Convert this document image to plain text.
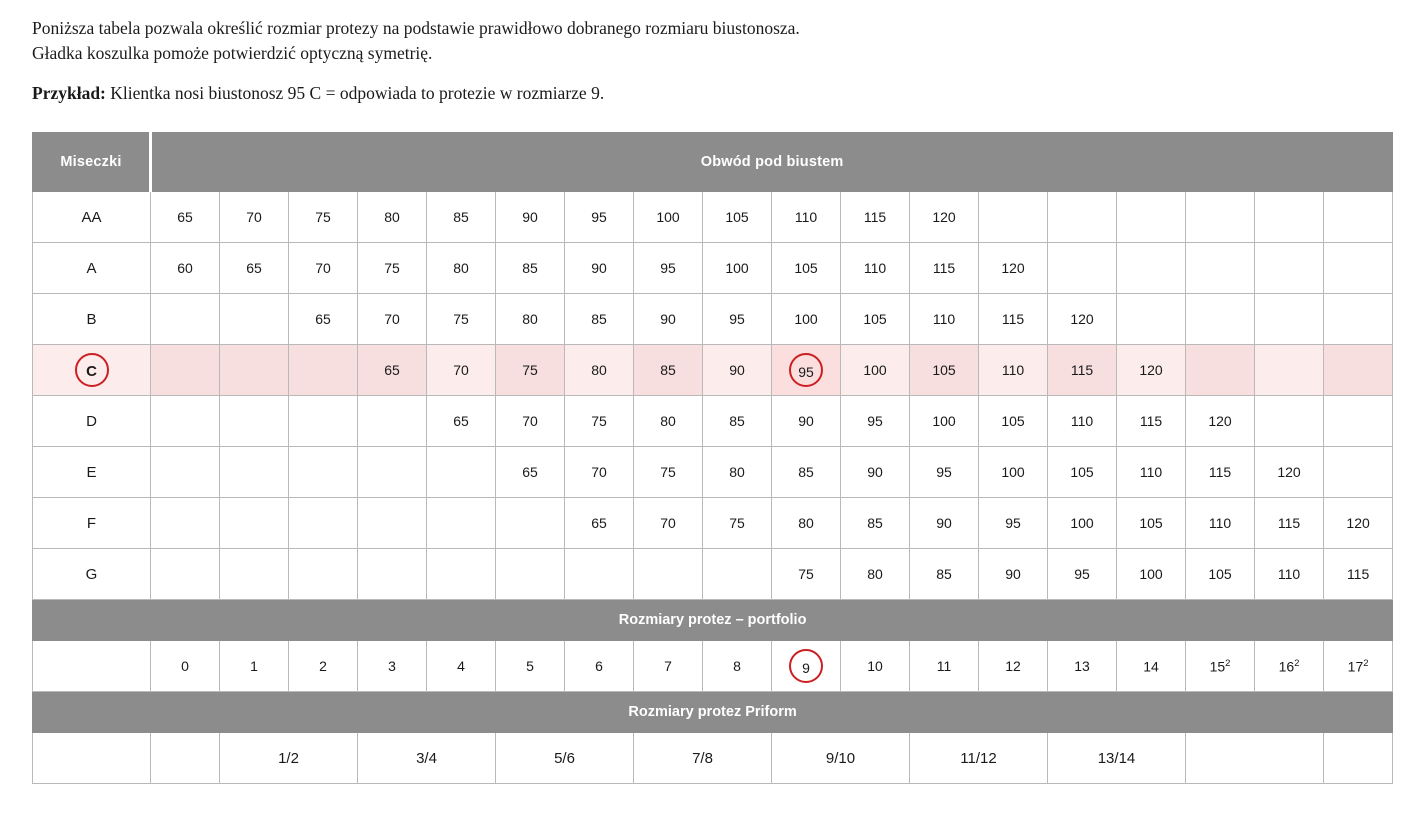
Poniższa tabela pozwala określić rozmiar protezy na podstawie prawidłowo dobranego rozmiaru biustonosza.
Gładka koszulka pomoże potwierdzić optyczną symetrię.
Przykład: Klientka nosi biustonosz 95 C = odpowiada to protezie w rozmiarze 9.
Miseczki	Obwód pod biustem																	
AA	65	70	75	80	85	90	95	100	105	110	115	120						
A	60	65	70	75	80	85	90	95	100	105	110	115	120					
B			65	70	75	80	85	90	95	100	105	110	115	120				
C				65	70	75	80	85	90	95	100	105	110	115	120			
D					65	70	75	80	85	90	95	100	105	110	115	120		
E						65	70	75	80	85	90	95	100	105	110	115	120	
F							65	70	75	80	85	90	95	100	105	110	115	120
G										75	80	85	90	95	100	105	110	115
Rozmiary protez – portfolio																		
	0	1	2	3	4	5	6	7	8	9	10	11	12	13	14	$15^2$	$16^2$	$17^2$
Rozmiary protez Priform																		
		1/2		3/4		5/6		7/8		9/10		11/12		13/14				
